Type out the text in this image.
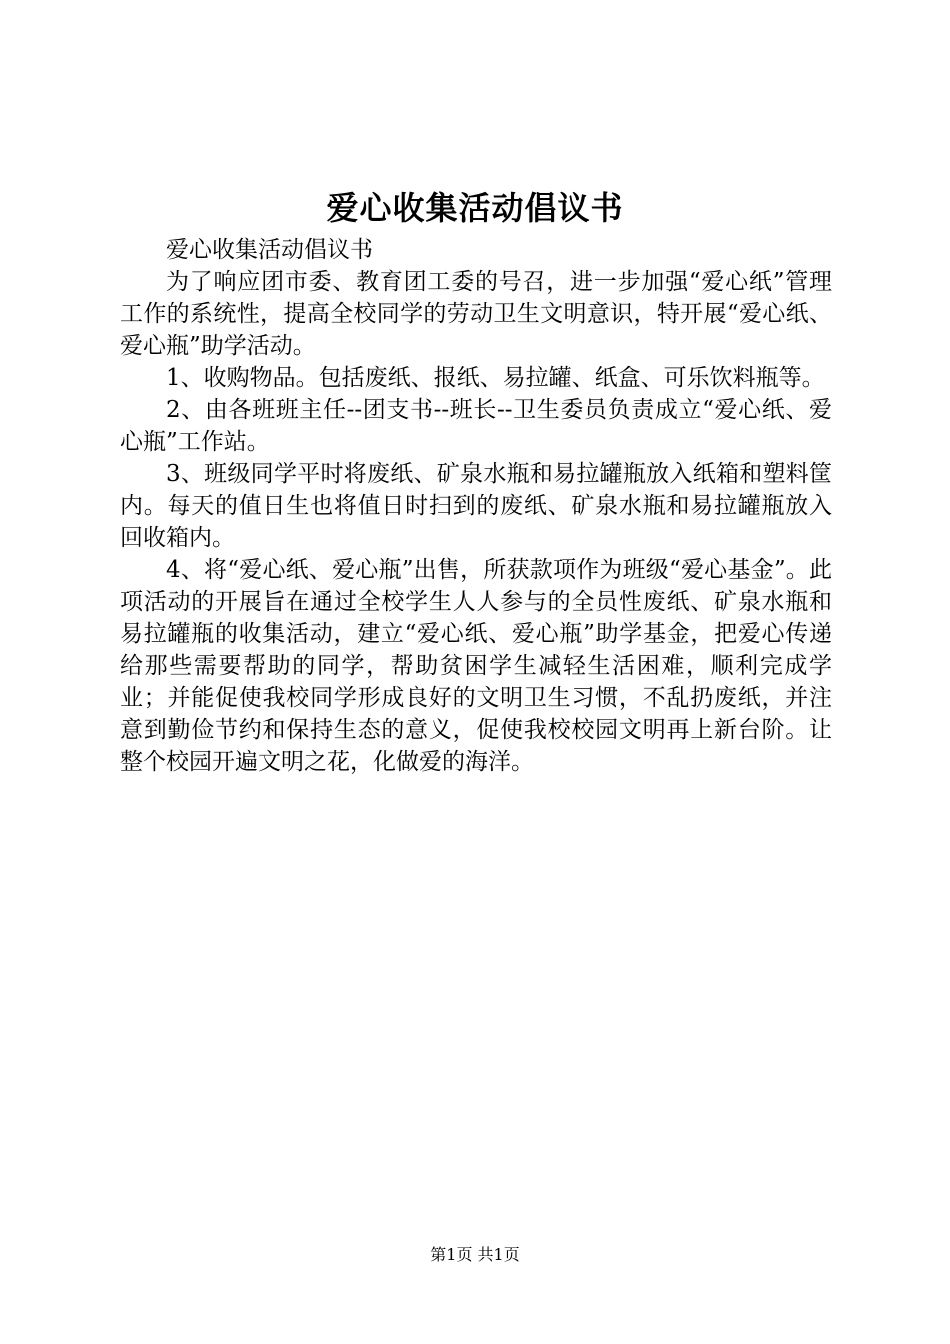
爱心收集活动倡议书

爱心收集活动倡议书

为了响应团市委、教育团工委的号召，进一步加强“爱心纸”管理工作的系统性，提高全校同学的劳动卫生文明意识，特开展“爱心纸、爱心瓶”助学活动。

1、收购物品。包括废纸、报纸、易拉罐、纸盒、可乐饮料瓶等。

2、由各班班主任--团支书--班长--卫生委员负责成立“爱心纸、爱心瓶”工作站。

3、班级同学平时将废纸、矿泉水瓶和易拉罐瓶放入纸箱和塑料筐内。每天的值日生也将值日时扫到的废纸、矿泉水瓶和易拉罐瓶放入回收箱内。

4、将“爱心纸、爱心瓶”出售，所获款项作为班级“爱心基金”。此项活动的开展旨在通过全校学生人人参与的全员性废纸、矿泉水瓶和易拉罐瓶的收集活动，建立“爱心纸、爱心瓶”助学基金，把爱心传递给那些需要帮助的同学，帮助贫困学生减轻生活困难，顺利完成学业；并能促使我校同学形成良好的文明卫生习惯，不乱扔废纸，并注意到勤俭节约和保持生态的意义，促使我校校园文明再上新台阶。让整个校园开遍文明之花，化做爱的海洋。

第1页 共1页
